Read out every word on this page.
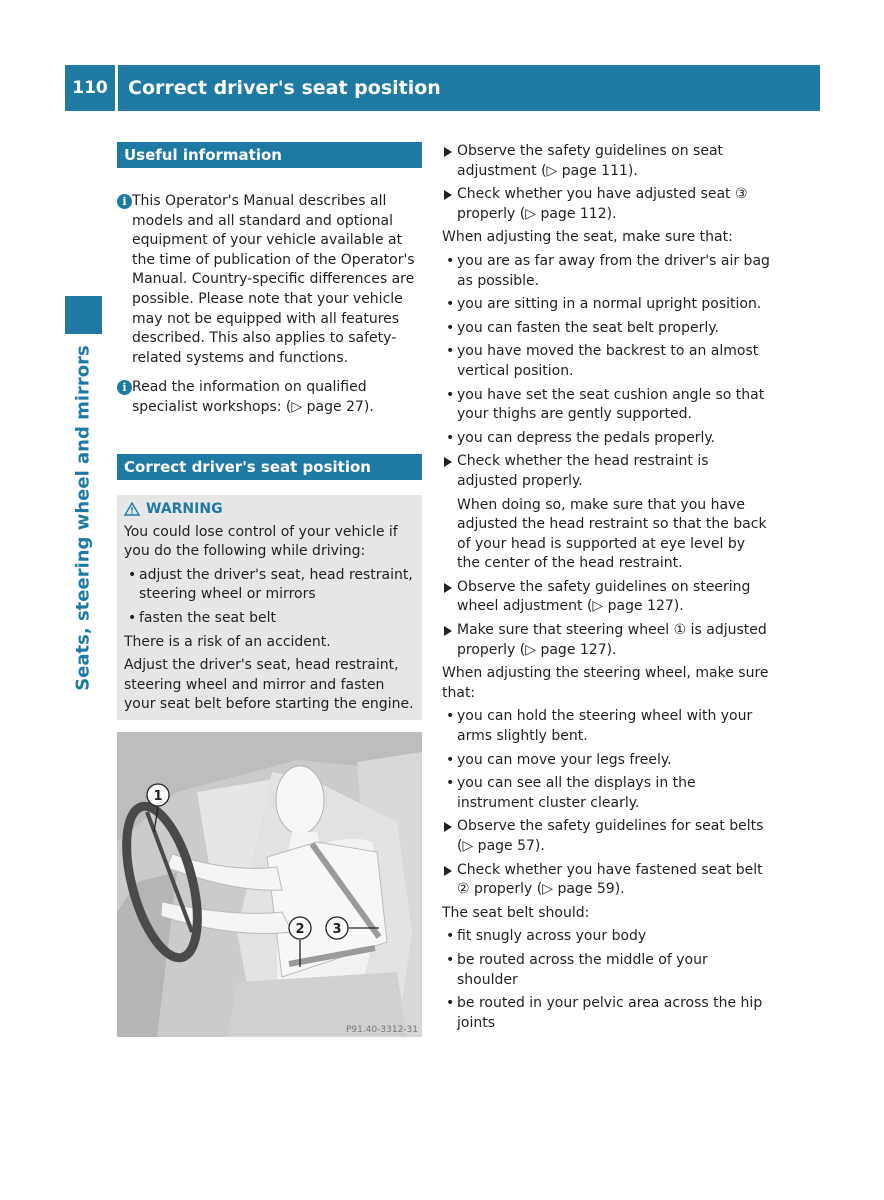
110	Correct driver's seat position
Seats, steering wheel and mirrors
Useful information
i This Operator's Manual describes all models and all standard and optional equipment of your vehicle available at the time of publication of the Operator's Manual. Country-specific differences are possible. Please note that your vehicle may not be equipped with all features described. This also applies to safety-related systems and functions.
i Read the information on qualified specialist workshops: (▷ page 27).
Correct driver's seat position
WARNING
You could lose control of your vehicle if you do the following while driving:
• adjust the driver's seat, head restraint, steering wheel or mirrors
• fasten the seat belt
There is a risk of an accident.
Adjust the driver's seat, head restraint, steering wheel and mirror and fasten your seat belt before starting the engine.
1
2 3
P91.40-3312-31
Observe the safety guidelines on seat adjustment (▷ page 111).
Check whether you have adjusted seat ③ properly (▷ page 112).
When adjusting the seat, make sure that:
• you are as far away from the driver's air bag as possible.
• you are sitting in a normal upright position.
• you can fasten the seat belt properly.
• you have moved the backrest to an almost vertical position.
• you have set the seat cushion angle so that your thighs are gently supported.
• you can depress the pedals properly.
Check whether the head restraint is adjusted properly.
When doing so, make sure that you have adjusted the head restraint so that the back of your head is supported at eye level by the center of the head restraint.
Observe the safety guidelines on steering wheel adjustment (▷ page 127).
Make sure that steering wheel ① is adjusted properly (▷ page 127).
When adjusting the steering wheel, make sure that:
• you can hold the steering wheel with your arms slightly bent.
• you can move your legs freely.
• you can see all the displays in the instrument cluster clearly.
Observe the safety guidelines for seat belts (▷ page 57).
Check whether you have fastened seat belt ② properly (▷ page 59).
The seat belt should:
• fit snugly across your body
• be routed across the middle of your shoulder
• be routed in your pelvic area across the hip joints
